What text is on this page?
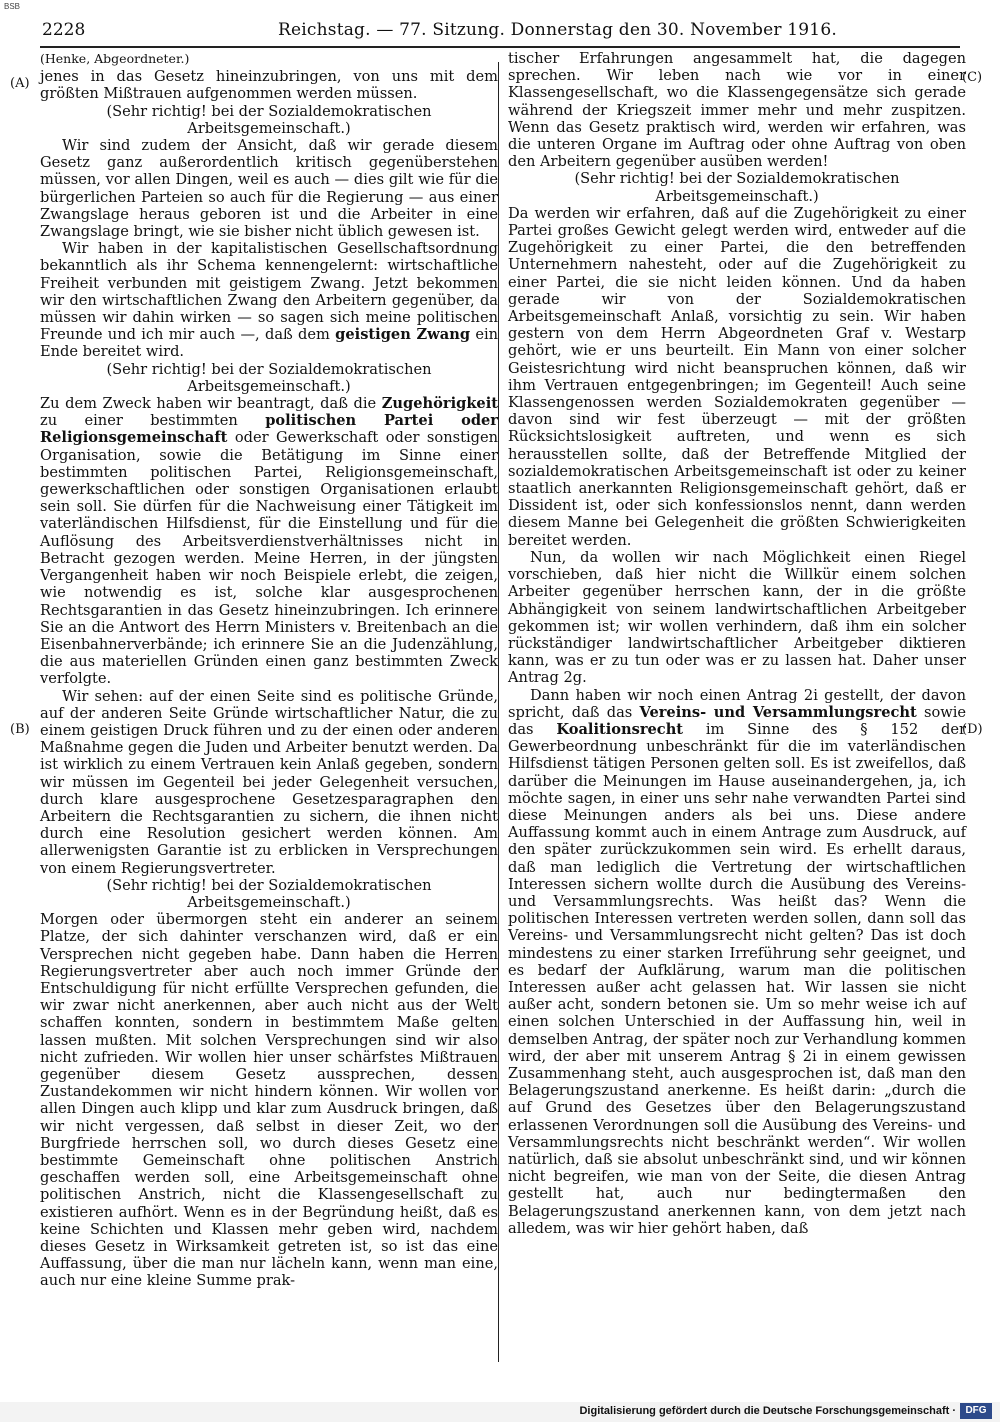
BSB
2228	Reichstag. — 77. Sitzung. Donnerstag den 30. November 1916.
(A)
(B)
(C)
(D)

(Henke, Abgeordneter.)

jenes in das Gesetz hineinzubringen, von uns mit dem größten Mißtrauen aufgenommen werden müssen.

(Sehr richtig! bei der Sozialdemokratischen Arbeitsgemeinschaft.)

Wir sind zudem der Ansicht, daß wir gerade diesem Gesetz ganz außerordentlich kritisch gegenüberstehen müssen, vor allen Dingen, weil es auch — dies gilt wie für die bürgerlichen Parteien so auch für die Regierung — aus einer Zwangslage heraus geboren ist und die Arbeiter in eine Zwangslage bringt, wie sie bisher nicht üblich gewesen ist.

Wir haben in der kapitalistischen Gesellschaftsordnung bekanntlich als ihr Schema kennengelernt: wirtschaftliche Freiheit verbunden mit geistigem Zwang. Jetzt bekommen wir den wirtschaftlichen Zwang den Arbeitern gegenüber, da müssen wir dahin wirken — so sagen sich meine politischen Freunde und ich mir auch —, daß dem geistigen Zwang ein Ende bereitet wird.

(Sehr richtig! bei der Sozialdemokratischen Arbeitsgemeinschaft.)

Zu dem Zweck haben wir beantragt, daß die Zugehörigkeit zu einer bestimmten politischen Partei oder Religionsgemeinschaft oder Gewerkschaft oder sonstigen Organisation, sowie die Betätigung im Sinne einer bestimmten politischen Partei, Religionsgemeinschaft, gewerkschaftlichen oder sonstigen Organisationen erlaubt sein soll. Sie dürfen für die Nachweisung einer Tätigkeit im vaterländischen Hilfsdienst, für die Einstellung und für die Auflösung des Arbeitsverdienstverhältnisses nicht in Betracht gezogen werden. Meine Herren, in der jüngsten Vergangenheit haben wir noch Beispiele erlebt, die zeigen, wie notwendig es ist, solche klar ausgesprochenen Rechtsgarantien in das Gesetz hineinzubringen. Ich erinnere Sie an die Antwort des Herrn Ministers v. Breitenbach an die Eisenbahnerverbände; ich erinnere Sie an die Judenzählung, die aus materiellen Gründen einen ganz bestimmten Zweck verfolgte.

Wir sehen: auf der einen Seite sind es politische Gründe, auf der anderen Seite Gründe wirtschaftlicher Natur, die zu einem geistigen Druck führen und zu der einen oder anderen Maßnahme gegen die Juden und Arbeiter benutzt werden. Da ist wirklich zu einem Vertrauen kein Anlaß gegeben, sondern wir müssen im Gegenteil bei jeder Gelegenheit versuchen, durch klare ausgesprochene Gesetzesparagraphen den Arbeitern die Rechtsgarantien zu sichern, die ihnen nicht durch eine Resolution gesichert werden können. Am allerwenigsten Garantie ist zu erblicken in Versprechungen von einem Regierungsvertreter.

(Sehr richtig! bei der Sozialdemokratischen Arbeitsgemeinschaft.)

Morgen oder übermorgen steht ein anderer an seinem Platze, der sich dahinter verschanzen wird, daß er ein Versprechen nicht gegeben habe. Dann haben die Herren Regierungsvertreter aber auch noch immer Gründe der Entschuldigung für nicht erfüllte Versprechen gefunden, die wir zwar nicht anerkennen, aber auch nicht aus der Welt schaffen konnten, sondern in bestimmtem Maße gelten lassen mußten. Mit solchen Versprechungen sind wir also nicht zufrieden. Wir wollen hier unser schärfstes Mißtrauen gegenüber diesem Gesetz aussprechen, dessen Zustandekommen wir nicht hindern können. Wir wollen vor allen Dingen auch klipp und klar zum Ausdruck bringen, daß wir nicht vergessen, daß selbst in dieser Zeit, wo der Burgfriede herrschen soll, wo durch dieses Gesetz eine bestimmte Gemeinschaft ohne politischen Anstrich geschaffen werden soll, eine Arbeitsgemeinschaft ohne politischen Anstrich, nicht die Klassengesellschaft zu existieren aufhört. Wenn es in der Begründung heißt, daß es keine Schichten und Klassen mehr geben wird, nachdem dieses Gesetz in Wirksamkeit getreten ist, so ist das eine Auffassung, über die man nur lächeln kann, wenn man eine, auch nur eine kleine Summe prak-

tischer Erfahrungen angesammelt hat, die dagegen sprechen. Wir leben nach wie vor in einer Klassengesellschaft, wo die Klassengegensätze sich gerade während der Kriegszeit immer mehr und mehr zuspitzen. Wenn das Gesetz praktisch wird, werden wir erfahren, was die unteren Organe im Auftrag oder ohne Auftrag von oben den Arbeitern gegenüber ausüben werden!

(Sehr richtig! bei der Sozialdemokratischen Arbeitsgemeinschaft.)

Da werden wir erfahren, daß auf die Zugehörigkeit zu einer Partei großes Gewicht gelegt werden wird, entweder auf die Zugehörigkeit zu einer Partei, die den betreffenden Unternehmern nahesteht, oder auf die Zugehörigkeit zu einer Partei, die sie nicht leiden können. Und da haben gerade wir von der Sozialdemokratischen Arbeitsgemeinschaft Anlaß, vorsichtig zu sein. Wir haben gestern von dem Herrn Abgeordneten Graf v. Westarp gehört, wie er uns beurteilt. Ein Mann von einer solcher Geistesrichtung wird nicht beanspruchen können, daß wir ihm Vertrauen entgegenbringen; im Gegenteil! Auch seine Klassengenossen werden Sozialdemokraten gegenüber — davon sind wir fest überzeugt — mit der größten Rücksichtslosigkeit auftreten, und wenn es sich herausstellen sollte, daß der Betreffende Mitglied der sozialdemokratischen Arbeitsgemeinschaft ist oder zu keiner staatlich anerkannten Religionsgemeinschaft gehört, daß er Dissident ist, oder sich konfessionslos nennt, dann werden diesem Manne bei Gelegenheit die größten Schwierigkeiten bereitet werden.

Nun, da wollen wir nach Möglichkeit einen Riegel vorschieben, daß hier nicht die Willkür einem solchen Arbeiter gegenüber herrschen kann, der in die größte Abhängigkeit von seinem landwirtschaftlichen Arbeitgeber gekommen ist; wir wollen verhindern, daß ihm ein solcher rückständiger landwirtschaftlicher Arbeitgeber diktieren kann, was er zu tun oder was er zu lassen hat. Daher unser Antrag 2g.

Dann haben wir noch einen Antrag 2i gestellt, der davon spricht, daß das Vereins- und Versammlungsrecht sowie das Koalitionsrecht im Sinne des § 152 der Gewerbeordnung unbeschränkt für die im vaterländischen Hilfsdienst tätigen Personen gelten soll. Es ist zweifellos, daß darüber die Meinungen im Hause auseinandergehen, ja, ich möchte sagen, in einer uns sehr nahe verwandten Partei sind diese Meinungen anders als bei uns. Diese andere Auffassung kommt auch in einem Antrage zum Ausdruck, auf den später zurückzukommen sein wird. Es erhellt daraus, daß man lediglich die Vertretung der wirtschaftlichen Interessen sichern wollte durch die Ausübung des Vereins- und Versammlungsrechts. Was heißt das? Wenn die politischen Interessen vertreten werden sollen, dann soll das Vereins- und Versammlungsrecht nicht gelten? Das ist doch mindestens zu einer starken Irreführung sehr geeignet, und es bedarf der Aufklärung, warum man die politischen Interessen außer acht gelassen hat. Wir lassen sie nicht außer acht, sondern betonen sie. Um so mehr weise ich auf einen solchen Unterschied in der Auffassung hin, weil in demselben Antrag, der später noch zur Verhandlung kommen wird, der aber mit unserem Antrag § 2i in einem gewissen Zusammenhang steht, auch ausgesprochen ist, daß man den Belagerungszustand anerkenne. Es heißt darin: „durch die auf Grund des Gesetzes über den Belagerungszustand erlassenen Verordnungen soll die Ausübung des Vereins- und Versammlungsrechts nicht beschränkt werden“. Wir wollen natürlich, daß sie absolut unbeschränkt sind, und wir können nicht begreifen, wie man von der Seite, die diesen Antrag gestellt hat, auch nur bedingtermaßen den Belagerungszustand anerkennen kann, von dem jetzt nach alledem, was wir hier gehört haben, daß

Digitalisierung gefördert durch die Deutsche Forschungsgemeinschaft · DFG
